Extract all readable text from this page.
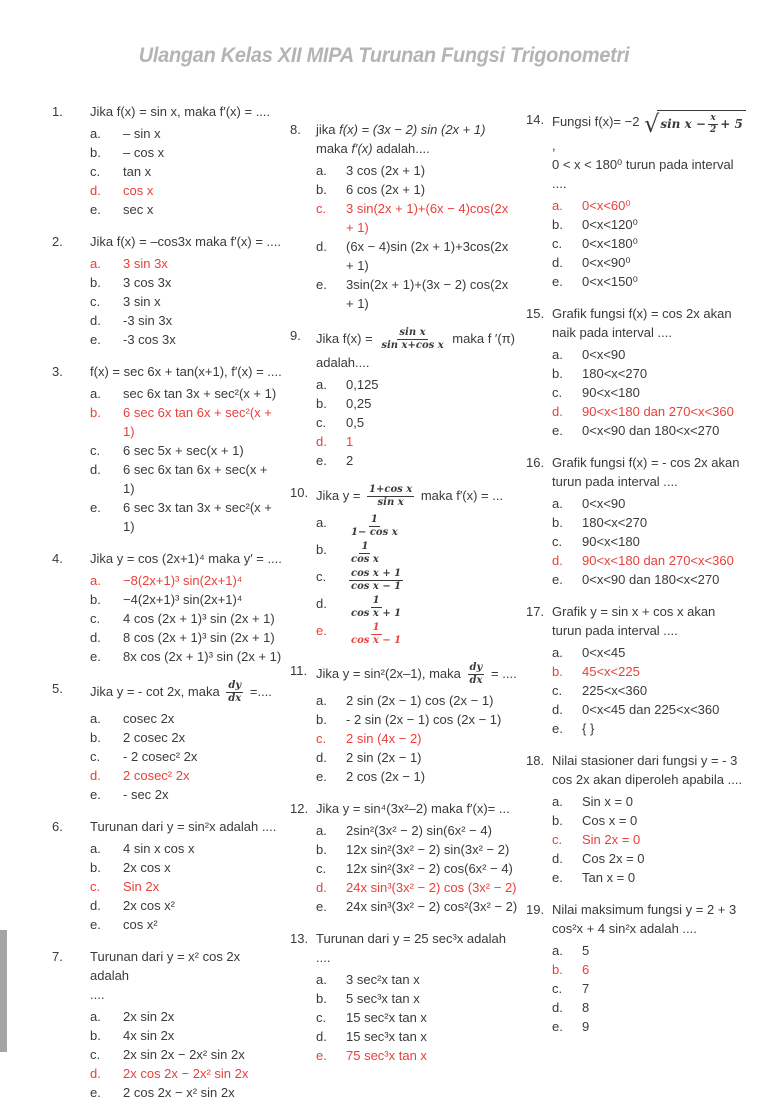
Ulangan Kelas XII MIPA Turunan Fungsi Trigonometri
1.	Jika f(x) = sin x, maka f′(x) = ....
a.	– sin x
b.	– cos x
c.	tan x
d.	cos x
e.	sec x
2.	Jika f(x) = –cos3x maka f′(x) = ....
a.	3 sin 3x
b.	3 cos 3x
c.	3 sin x
d.	-3 sin 3x
e.	-3 cos 3x
3.	f(x) = sec 6x + tan(x+1), f′(x) = ....
a.	sec 6x tan 3x + sec²(x + 1)
b.	6 sec 6x tan 6x + sec²(x + 1)
c.	6 sec 5x + sec(x + 1)
d.	6 sec 6x tan 6x + sec(x + 1)
e.	6 sec 3x tan 3x + sec²(x + 1)
4.	Jika y = cos (2x+1)⁴ maka y′ = ....
a.	−8(2x+1)³ sin(2x+1)⁴
b.	−4(2x+1)³ sin(2x+1)⁴
c.	4 cos (2x + 1)³ sin (2x + 1)
d.	8 cos (2x + 1)³ sin (2x + 1)
e.	8x cos (2x + 1)³ sin (2x + 1)
5.	Jika y = - cot 2x, maka $\frac{dy}{dx}$ =....
a.	cosec 2x
b.	2 cosec 2x
c.	- 2 cosec² 2x
d.	2 cosec² 2x
e.	- sec 2x
6.	Turunan dari y = sin²x adalah ....
a.	4 sin x cos x
b.	2x cos x
c.	Sin 2x
d.	2x cos x²
e.	cos x²
7.	Turunan dari y = x² cos 2x adalah
....
a.	2x sin 2x
b.	4x sin 2x
c.	2x sin 2x − 2x² sin 2x
d.	2x cos 2x − 2x² sin 2x
e.	2 cos 2x − x² sin 2x
8.	jika f(x) = (3x − 2) sin (2x + 1) maka f′(x) adalah....
a.	3 cos (2x + 1)
b.	6 cos (2x + 1)
c.	3 sin(2x + 1)+(6x − 4)cos(2x + 1)
d.	(6x − 4)sin (2x + 1)+3cos(2x + 1)
e.	3sin(2x + 1)+(3x − 2) cos(2x + 1)
9.	Jika $f(x) = \frac{\text{sin x}}{\text{sin x+cos x}}$ maka f ′(π) adalah....
a.	0,125
b.	0,25
c.	0,5
d.	1
e.	2
10. Jika $y = \frac{\text{1+cos x}}{\text{sin x}}$ maka f′(x) = ...
a.	$\frac{1}{\text{1− cos x}}$
b.	$\frac{1}{\text{cos x}}$
c.	$\frac{\text{cos x + 1}}{\text{cos x − 1}}$
d.	$\frac{1}{\text{cos x + 1}}$
e.	$\frac{1}{\text{cos x − 1}}$
11. Jika y = sin²(2x–1), maka $\frac{dy}{dx}$ = ....
a.	2 sin (2x − 1) cos (2x − 1)
b.	- 2 sin (2x − 1) cos (2x − 1)
c.	2 sin (4x − 2)
d.	2 sin (2x − 1)
e.	2 cos (2x − 1)
12. Jika y = sin⁴(3x²–2) maka f′(x)= ...
a.	2sin²(3x² − 2) sin(6x² − 4)
b.	12x sin²(3x² − 2) sin(3x² − 2)
c.	12x sin²(3x² − 2) cos(6x² − 4)
d.	24x sin³(3x² − 2) cos (3x² − 2)
e.	24x sin³(3x² − 2) cos²(3x² − 2)
13. Turunan dari y = 25 sec³x adalah
....
a.	3 sec²x tan x
b.	5 sec³x tan x
c.	15 sec²x tan x
d.	15 sec³x tan x
e.	75 sec³x tan x
14. Fungsi f(x)= −2 √ $\sin x - \frac{x}{2} + 5$
,
0 < x < 180⁰ turun pada interval
....
a.	0<x<60⁰
b.	0<x<120⁰
c.	0<x<180⁰
d.	0<x<90⁰
e.	0<x<150⁰
15. Grafik fungsi f(x) = cos 2x akan naik pada interval ....
a.	0<x<90
b.	180<x<270
c.	90<x<180
d.	90<x<180 dan 270<x<360
e.	0<x<90 dan 180<x<270
16. Grafik fungsi f(x) = - cos 2x akan turun pada interval ....
a.	0<x<90
b.	180<x<270
c.	90<x<180
d.	90<x<180 dan 270<x<360
e.	0<x<90 dan 180<x<270
17. Grafik y = sin x + cos x akan turun pada interval ....
a.	0<x<45
b.	45<x<225
c.	225<x<360
d.	0<x<45 dan 225<x<360
e.	{ }
18. Nilai stasioner dari fungsi y = - 3 cos 2x akan diperoleh apabila ....
a.	Sin x = 0
b.	Cos x = 0
c.	Sin 2x = 0
d.	Cos 2x = 0
e.	Tan x = 0
19. Nilai maksimum fungsi y = 2 + 3 cos²x + 4 sin²x adalah ....
a.	5
b.	6
c.	7
d.	8
e.	9
